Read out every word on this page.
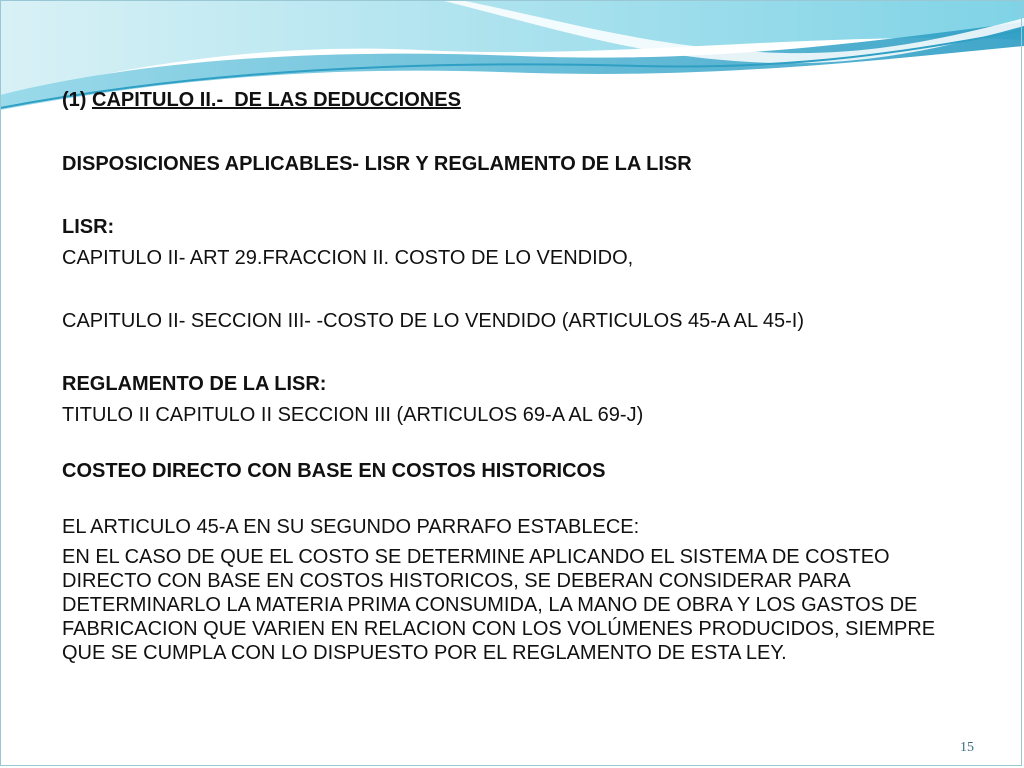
(1) CAPITULO II.-  DE LAS DEDUCCIONES

DISPOSICIONES APLICABLES- LISR Y REGLAMENTO DE LA LISR

LISR:

CAPITULO II- ART 29.FRACCION II. COSTO DE LO VENDIDO,

CAPITULO II- SECCION III- -COSTO DE LO VENDIDO (ARTICULOS 45-A AL 45-I)

REGLAMENTO DE LA LISR:

TITULO II CAPITULO II SECCION III (ARTICULOS 69-A AL 69-J)

COSTEO DIRECTO CON BASE EN COSTOS HISTORICOS

EL ARTICULO 45-A EN SU SEGUNDO PARRAFO ESTABLECE:

EN EL CASO DE QUE EL COSTO SE DETERMINE APLICANDO EL SISTEMA DE COSTEO DIRECTO CON BASE EN COSTOS HISTORICOS, SE DEBERAN CONSIDERAR PARA DETERMINARLO LA MATERIA PRIMA CONSUMIDA, LA MANO DE OBRA Y LOS GASTOS DE FABRICACION QUE VARIEN EN RELACION CON LOS VOLÚMENES PRODUCIDOS, SIEMPRE QUE SE CUMPLA CON LO DISPUESTO POR EL REGLAMENTO DE ESTA LEY.

15
